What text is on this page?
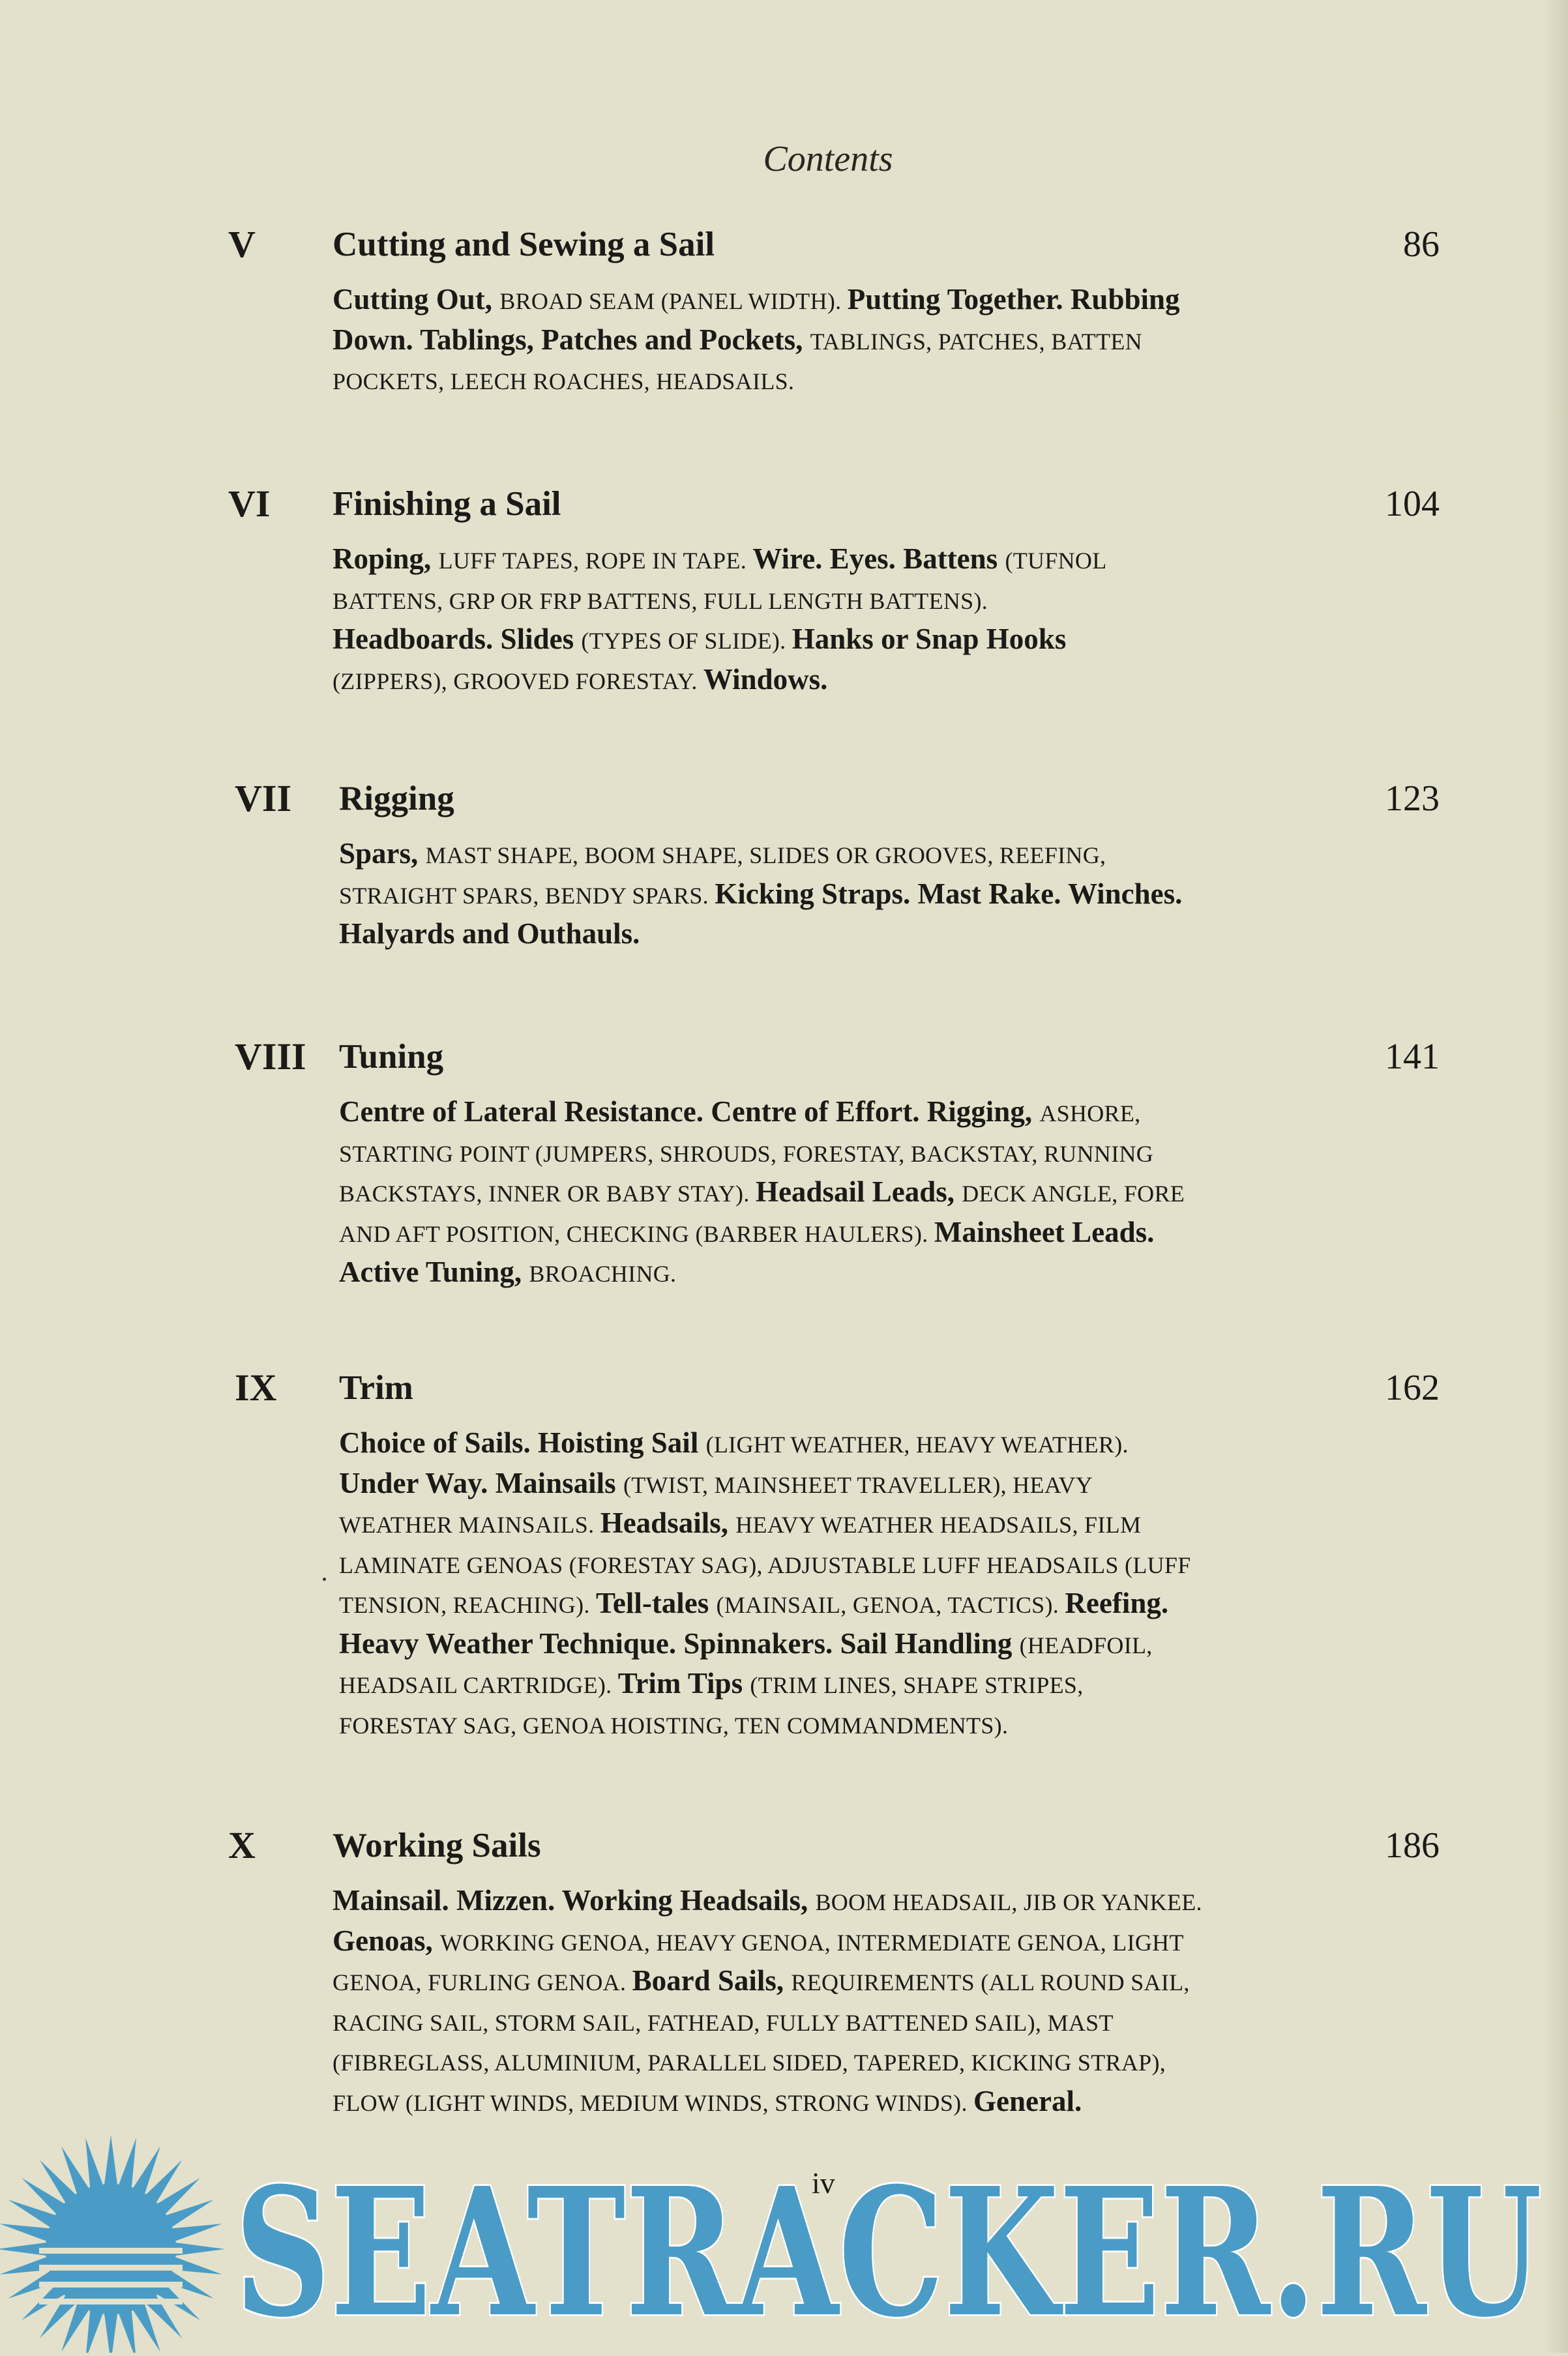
Contents
V Cutting and Sewing a Sail	86
Cutting Out, BROAD SEAM (PANEL WIDTH). Putting Together. Rubbing
Down. Tablings, Patches and Pockets, TABLINGS, PATCHES, BATTEN
POCKETS, LEECH ROACHES, HEADSAILS.
VI Finishing a Sail	104
Roping, LUFF TAPES, ROPE IN TAPE. Wire. Eyes. Battens (TUFNOL
BATTENS, GRP OR FRP BATTENS, FULL LENGTH BATTENS).
Headboards. Slides (TYPES OF SLIDE). Hanks or Snap Hooks
(ZIPPERS), GROOVED FORESTAY. Windows.
VII Rigging	123
Spars, MAST SHAPE, BOOM SHAPE, SLIDES OR GROOVES, REEFING,
STRAIGHT SPARS, BENDY SPARS. Kicking Straps. Mast Rake. Winches.
Halyards and Outhauls.
VIII Tuning	141
Centre of Lateral Resistance. Centre of Effort. Rigging, ASHORE,
STARTING POINT (JUMPERS, SHROUDS, FORESTAY, BACKSTAY, RUNNING
BACKSTAYS, INNER OR BABY STAY). Headsail Leads, DECK ANGLE, FORE
AND AFT POSITION, CHECKING (BARBER HAULERS). Mainsheet Leads.
Active Tuning, BROACHING.
IX Trim	162
Choice of Sails. Hoisting Sail (LIGHT WEATHER, HEAVY WEATHER).
Under Way. Mainsails (TWIST, MAINSHEET TRAVELLER), HEAVY
WEATHER MAINSAILS. Headsails, HEAVY WEATHER HEADSAILS, FILM
LAMINATE GENOAS (FORESTAY SAG), ADJUSTABLE LUFF HEADSAILS (LUFF
TENSION, REACHING). Tell-tales (MAINSAIL, GENOA, TACTICS). Reefing.
Heavy Weather Technique. Spinnakers. Sail Handling (HEADFOIL,
HEADSAIL CARTRIDGE). Trim Tips (TRIM LINES, SHAPE STRIPES,
FORESTAY SAG, GENOA HOISTING, TEN COMMANDMENTS).
X Working Sails	186
Mainsail. Mizzen. Working Headsails, BOOM HEADSAIL, JIB OR YANKEE.
Genoas, WORKING GENOA, HEAVY GENOA, INTERMEDIATE GENOA, LIGHT
GENOA, FURLING GENOA. Board Sails, REQUIREMENTS (ALL ROUND SAIL,
RACING SAIL, STORM SAIL, FATHEAD, FULLY BATTENED SAIL), MAST
(FIBREGLASS, ALUMINIUM, PARALLEL SIDED, TAPERED, KICKING STRAP),
FLOW (LIGHT WINDS, MEDIUM WINDS, STRONG WINDS). General.
iv
SEATRACKER.RU
